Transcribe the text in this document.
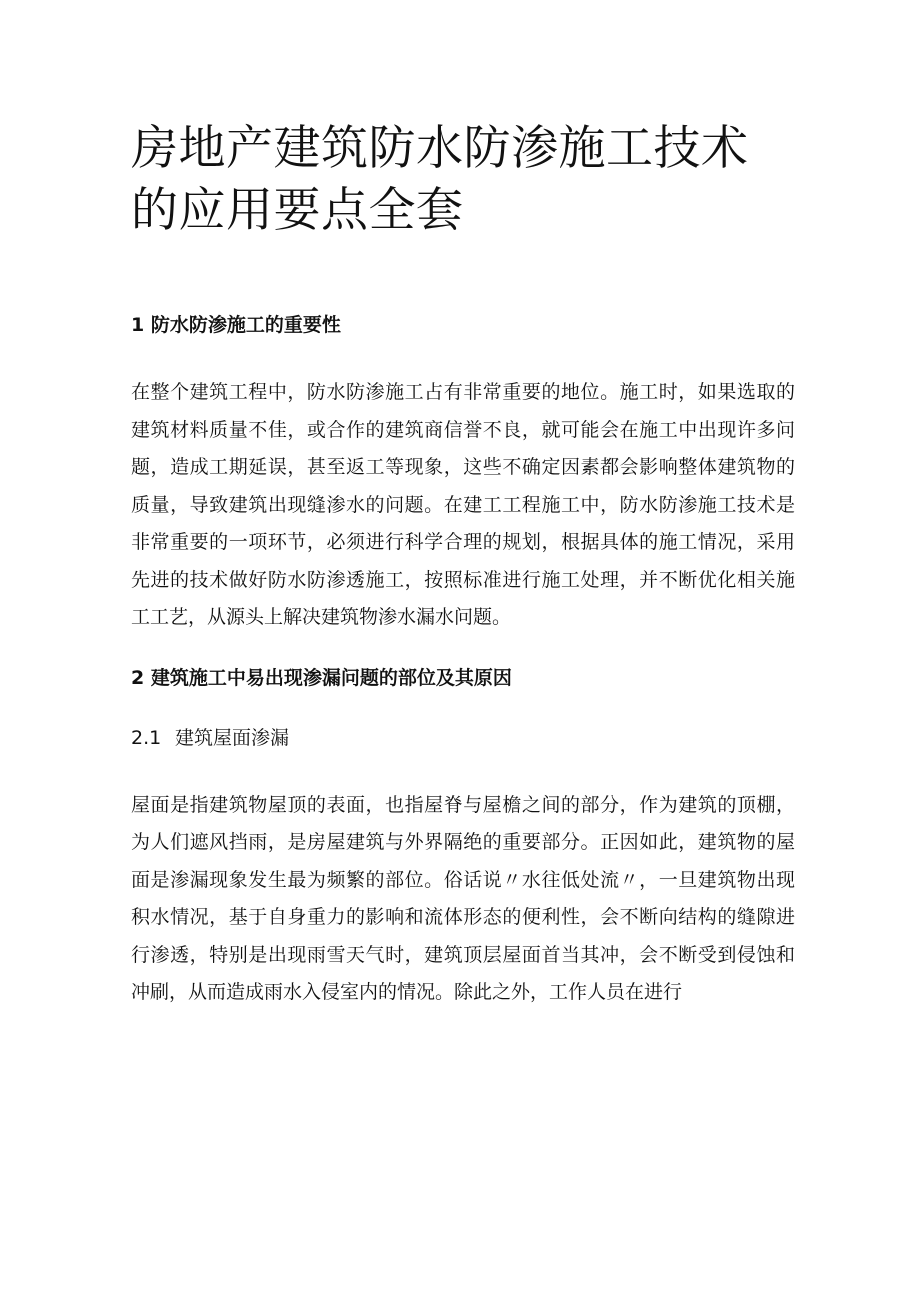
房地产建筑防水防渗施工技术的应用要点全套
1 防水防渗施工的重要性

在整个建筑工程中，防水防渗施工占有非常重要的地位。施工时，如果选取的建筑材料质量不佳，或合作的建筑商信誉不良，就可能会在施工中出现许多问题，造成工期延误，甚至返工等现象，这些不确定因素都会影响整体建筑物的质量，导致建筑出现缝渗水的问题。在建工工程施工中，防水防渗施工技术是非常重要的一项环节，必须进行科学合理的规划，根据具体的施工情况，采用先进的技术做好防水防渗透施工，按照标准进行施工处理，并不断优化相关施工工艺，从源头上解决建筑物渗水漏水问题。

2 建筑施工中易出现渗漏问题的部位及其原因
2.1 建筑屋面渗漏

屋面是指建筑物屋顶的表面，也指屋脊与屋檐之间的部分，作为建筑的顶棚，为人们遮风挡雨，是房屋建筑与外界隔绝的重要部分。正因如此，建筑物的屋面是渗漏现象发生最为频繁的部位。俗话说〃水往低处流〃，一旦建筑物出现积水情况，基于自身重力的影响和流体形态的便利性，会不断向结构的缝隙进行渗透，特别是出现雨雪天气时，建筑顶层屋面首当其冲，会不断受到侵蚀和冲刷，从而造成雨水入侵室内的情况。除此之外，工作人员在进行
